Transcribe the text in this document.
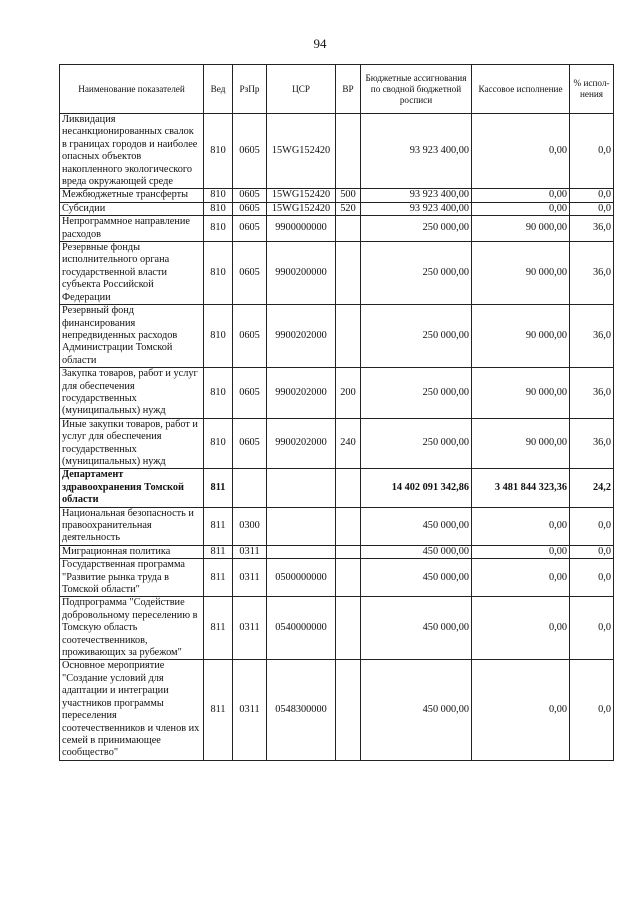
94
Наименование показателей	Вед	РзПр	ЦСР	ВР	Бюджетные ассигнования по сводной бюджетной росписи	Кассовое исполнение	% испол-нения
Ликвидация несанкционированных свалок в границах городов и наиболее опасных объектов накопленного экологического вреда окружающей среде	810	0605	15WG152420		93 923 400,00	0,00	0,0
Межбюджетные трансферты	810	0605	15WG152420	500	93 923 400,00	0,00	0,0
Субсидии	810	0605	15WG152420	520	93 923 400,00	0,00	0,0
Непрограммное направление расходов	810	0605	9900000000		250 000,00	90 000,00	36,0
Резервные фонды исполнительного органа государственной власти субъекта Российской Федерации	810	0605	9900200000		250 000,00	90 000,00	36,0
Резервный фонд финансирования непредвиденных расходов Администрации Томской области	810	0605	9900202000		250 000,00	90 000,00	36,0
Закупка товаров, работ и услуг для обеспечения государственных (муниципальных) нужд	810	0605	9900202000	200	250 000,00	90 000,00	36,0
Иные закупки товаров, работ и услуг для обеспечения государственных (муниципальных) нужд	810	0605	9900202000	240	250 000,00	90 000,00	36,0
Департамент здравоохранения Томской области	811				14 402 091 342,86	3 481 844 323,36	24,2
Национальная безопасность и правоохранительная деятельность	811	0300			450 000,00	0,00	0,0
Миграционная политика	811	0311			450 000,00	0,00	0,0
Государственная программа "Развитие рынка труда в Томской области"	811	0311	0500000000		450 000,00	0,00	0,0
Подпрограмма "Содействие добровольному переселению в Томскую область соотечественников, проживающих за рубежом"	811	0311	0540000000		450 000,00	0,00	0,0
Основное мероприятие "Создание условий для адаптации и интеграции участников программы переселения соотечественников и членов их семей в принимающее сообщество"	811	0311	0548300000		450 000,00	0,00	0,0
